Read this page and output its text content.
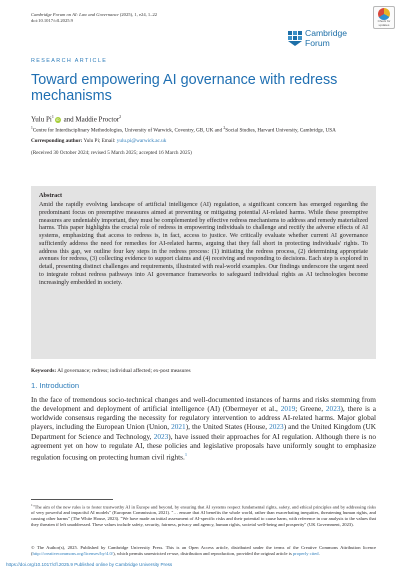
Cambridge Forum on AI: Law and Governance (2025), 1, e24, 1–22
doi:10.1017/cfl.2025.9	Check for updates
Cambridge
Forum
RESEARCH ARTICLE
Toward empowering AI governance with redress mechanisms
Yulu Pi$^1$iD and Maddie Proctor$^2$
$^1$Centre for Interdisciplinary Methodologies, University of Warwick, Coventry, GB, UK and $^2$Social Studies, Harvard University, Cambridge, USA
Corresponding author: Yulu Pi; Email: yulu.pi@warwick.ac.uk
(Received 30 October 2024; revised 5 March 2025; accepted 16 March 2025)
Abstract
Amid the rapidly evolving landscape of artificial intelligence (AI) regulation, a significant concern has emerged regarding the predominant focus on preemptive measures aimed at preventing or mitigating potential AI-related harms. While these preemptive measures are undeniably important, they must be complemented by effective redress mechanisms to address and remedy materialized harms. This paper highlights the crucial role of redress in empowering individuals to challenge and rectify the adverse effects of AI systems, emphasizing that access to redress is, in fact, access to justice. We critically evaluate whether current AI governance sufficiently address the need for remedies for AI-related harms, arguing that they fall short in protecting individuals' rights. To address this gap, we outline four key steps in the redress process: (1) initiating the redress process, (2) determining appropriate avenues for redress, (3) collecting evidence to support claims and (4) receiving and responding to decisions. Each step is explored in detail, presenting distinct challenges and requirements, illustrated with real-world examples. Our findings underscore the urgent need to integrate robust redress pathways into AI governance frameworks to safeguard individual rights as AI technologies become increasingly embedded in society.
Keywords: AI governance; redress; individual affected; ex-post measures
1. Introduction
In the face of tremendous socio-technical changes and well-documented instances of harms and risks stemming from the development and deployment of artificial intelligence (AI) (Obermeyer et al., 2019; Greene, 2023), there is a worldwide consensus regarding the necessity for regulatory intervention to address AI-related harms. Major global players, including the European Union (Union, 2021), the United States (House, 2023) and the United Kingdom (UK Department for Science and Technology, 2023), have issued their approaches for AI regulation. Although there is no agreement yet on how to regulate AI, these policies and legislative proposals have uniformly sought to emphasize regulation focusing on protecting human civil rights.$^1$
$^1$"The aim of the new rules is to foster trustworthy AI in Europe and beyond, by ensuring that AI systems respect fundamental rights, safety, and ethical principles and by addressing risks of very powerful and impactful AI models" (European Commission, 2021). "… ensure that AI benefits the whole world, rather than exacerbating inequities, threatening human rights, and causing other harms" (The White House, 2023). "We have made an initial assessment of AI-specific risks and their potential to cause harm, with reference in our analysis to the values that they threaten if left unaddressed. These values include safety, security, fairness, privacy and agency, human rights, societal well-being and prosperity" (UK Government, 2023).
© The Author(s), 2025. Published by Cambridge University Press. This is an Open Access article, distributed under the terms of the Creative Commons Attribution licence (http://creativecommons.org/licenses/by/4.0/), which permits unrestricted re-use, distribution and reproduction, provided the original article is properly cited.
https://doi.org/10.1017/cfl.2025.9 Published online by Cambridge University Press
